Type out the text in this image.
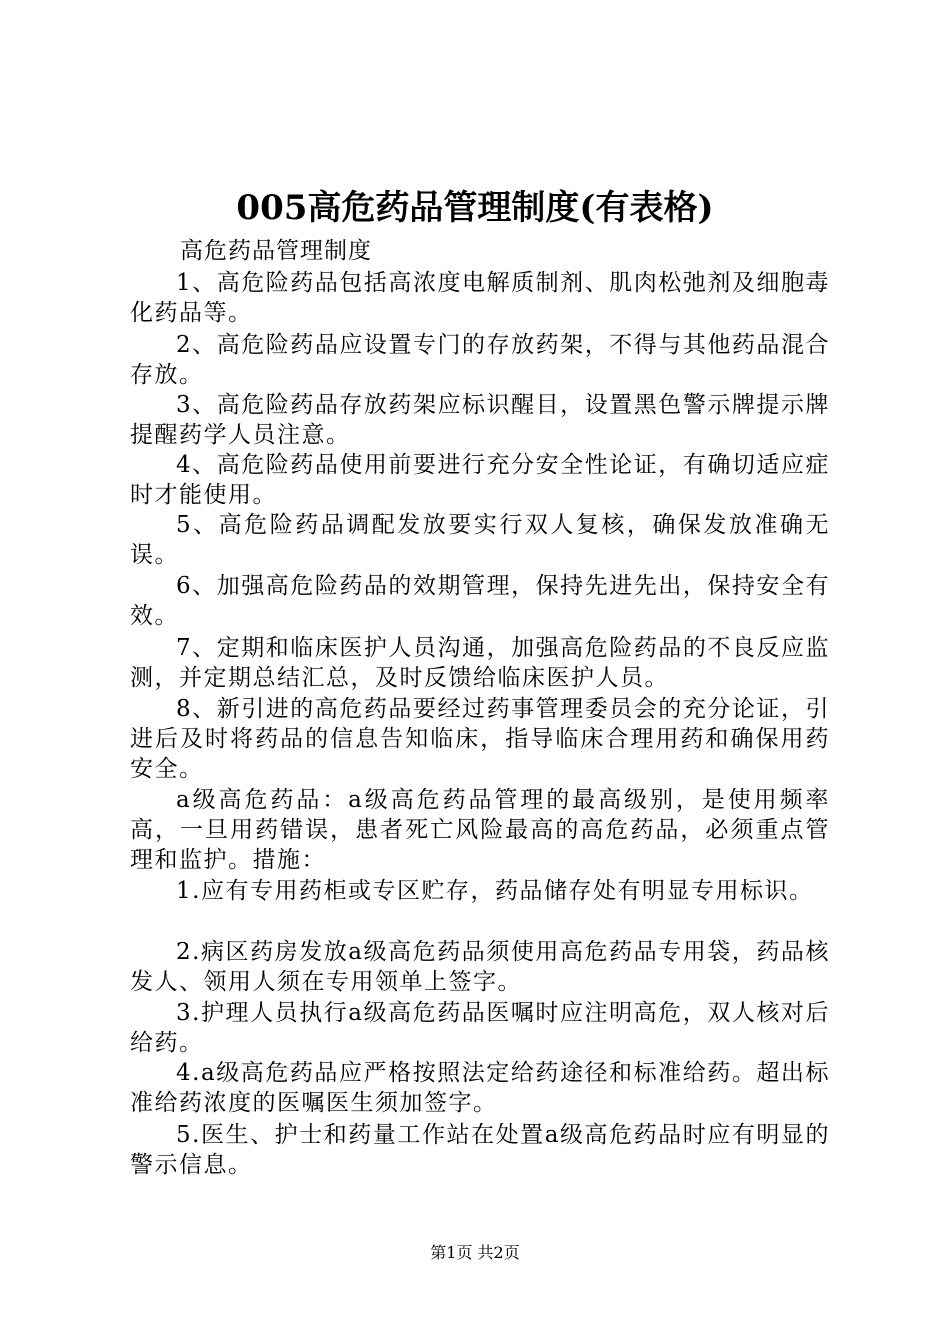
005高危药品管理制度(有表格)
高危药品管理制度
1、高危险药品包括高浓度电解质制剂、肌肉松弛剂及细胞毒化药品等。
2、高危险药品应设置专门的存放药架，不得与其他药品混合存放。
3、高危险药品存放药架应标识醒目，设置黑色警示牌提示牌提醒药学人员注意。
4、高危险药品使用前要进行充分安全性论证，有确切适应症时才能使用。
5、高危险药品调配发放要实行双人复核，确保发放准确无误。
6、加强高危险药品的效期管理，保持先进先出，保持安全有效。
7、定期和临床医护人员沟通，加强高危险药品的不良反应监测，并定期总结汇总，及时反馈给临床医护人员。
8、新引进的高危药品要经过药事管理委员会的充分论证，引进后及时将药品的信息告知临床，指导临床合理用药和确保用药安全。
a级高危药品：a级高危药品管理的最高级别，是使用频率高，一旦用药错误，患者死亡风险最高的高危药品，必须重点管理和监护。措施：
1.应有专用药柜或专区贮存，药品储存处有明显专用标识。
2.病区药房发放a级高危药品须使用高危药品专用袋，药品核发人、领用人须在专用领单上签字。
3.护理人员执行a级高危药品医嘱时应注明高危，双人核对后给药。
4.a级高危药品应严格按照法定给药途径和标准给药。超出标准给药浓度的医嘱医生须加签字。
5.医生、护士和药量工作站在处置a级高危药品时应有明显的警示信息。
第1页 共2页
